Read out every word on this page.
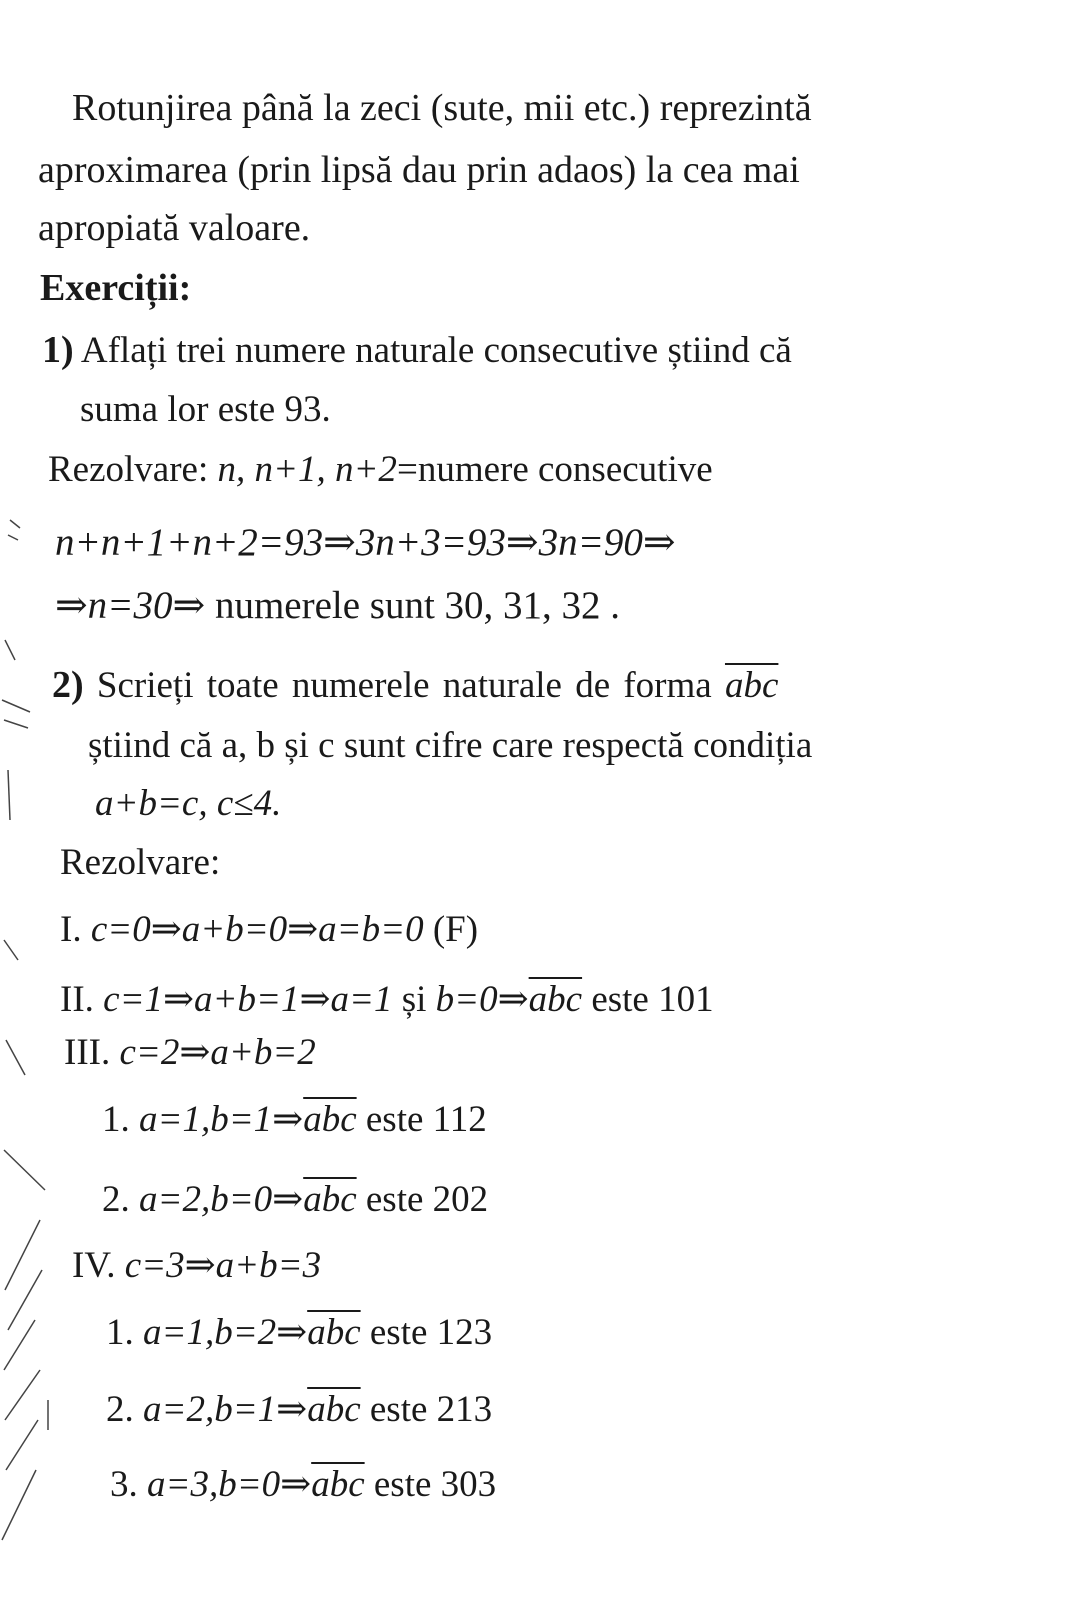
Rotunjirea până la zeci (sute, mii etc.) reprezintă
aproximarea (prin lipsă dau prin adaos) la cea mai
apropiată valoare.
Exerciții:
1) Aflați trei numere naturale consecutive știind că
suma lor este 93.
Rezolvare: n, n+1, n+2=numere consecutive
n+n+1+n+2=93⇒3n+3=93⇒3n=90⇒
⇒n=30⇒ numerele sunt 30, 31, 32 .
2) Scrieți toate numerele naturale de forma $\overline{abc}$
știind că a, b și c sunt cifre care respectă condiția
a+b=c, c≤4.
Rezolvare:
I. c=0⇒a+b=0⇒a=b=0 (F)
II. c=1⇒a+b=1⇒a=1 și $b=0\Rightarrow\overline{abc}$ este 101
III. c=2⇒a+b=2
1. $a=1,b=1\Rightarrow\overline{abc}$ este 112
2. $a=2,b=0\Rightarrow\overline{abc}$ este 202
IV. c=3⇒a+b=3
1. $a=1,b=2\Rightarrow\overline{abc}$ este 123
2. $a=2,b=1\Rightarrow\overline{abc}$ este 213
3. $a=3,b=0\Rightarrow\overline{abc}$ este 303
